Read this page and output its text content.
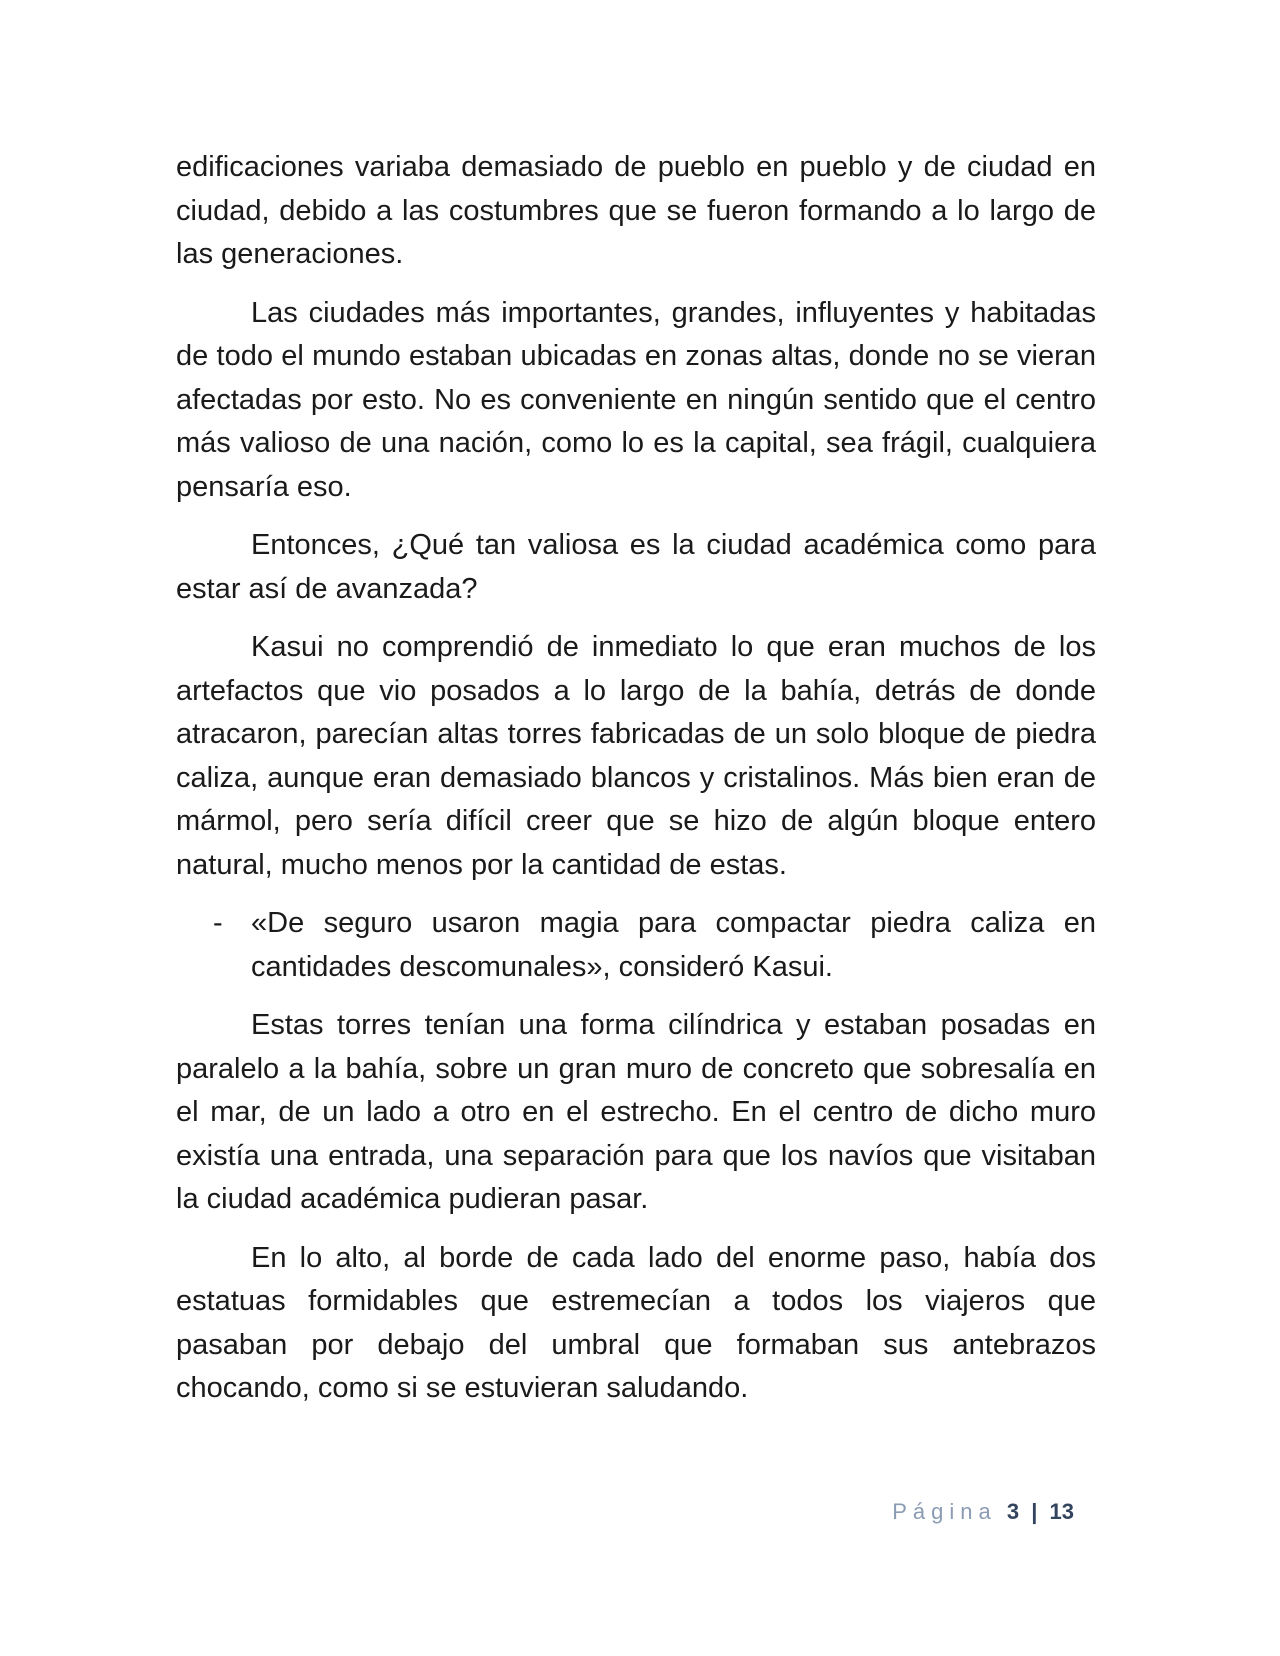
edificaciones variaba demasiado de pueblo en pueblo y de ciudad en ciudad, debido a las costumbres que se fueron formando a lo largo de las generaciones.

Las ciudades más importantes, grandes, influyentes y habitadas de todo el mundo estaban ubicadas en zonas altas, donde no se vieran afectadas por esto. No es conveniente en ningún sentido que el centro más valioso de una nación, como lo es la capital, sea frágil, cualquiera pensaría eso.

Entonces, ¿Qué tan valiosa es la ciudad académica como para estar así de avanzada?

Kasui no comprendió de inmediato lo que eran muchos de los artefactos que vio posados a lo largo de la bahía, detrás de donde atracaron, parecían altas torres fabricadas de un solo bloque de piedra caliza, aunque eran demasiado blancos y cristalinos. Más bien eran de mármol, pero sería difícil creer que se hizo de algún bloque entero natural, mucho menos por la cantidad de estas.

- «De seguro usaron magia para compactar piedra caliza en cantidades descomunales», consideró Kasui.

Estas torres tenían una forma cilíndrica y estaban posadas en paralelo a la bahía, sobre un gran muro de concreto que sobresalía en el mar, de un lado a otro en el estrecho. En el centro de dicho muro existía una entrada, una separación para que los navíos que visitaban la ciudad académica pudieran pasar.

En lo alto, al borde de cada lado del enorme paso, había dos estatuas formidables que estremecían a todos los viajeros que pasaban por debajo del umbral que formaban sus antebrazos chocando, como si se estuvieran saludando.

Página 3 | 13
